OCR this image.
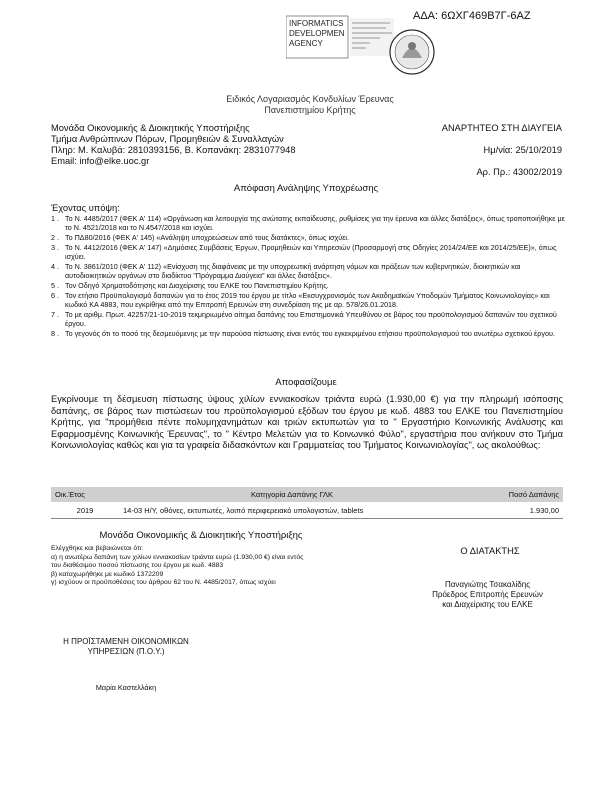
ΑΔΑ: 6ΩΧΓ469Β7Γ-6ΑΖ
INFORMATICS
DEVELOPMEN
AGENCY
Ειδικός Λογαριασμός Κονδυλίων Έρευνας
Πανεπιστημίου Κρήτης
Μονάδα Οικονομικής & Διοικητικής Υποστήριξης
Τμήμα Ανθρώπινων Πόρων, Προμηθειών & Συναλλαγών
Πληρ: Μ. Καλυβά: 2810393156, Β. Κοπανάκη: 2831077948
Email: info@elke.uoc.gr
ΑΝΑΡΤΗΤΕΟ ΣΤΗ ΔΙΑΥΓΕΙΑ
Ημ/νία: 25/10/2019
Αρ. Πρ.: 43002/2019
Απόφαση Ανάληψης Υποχρέωσης
Έχοντας υπόψη:
1 . Το Ν. 4485/2017 (ΦΕΚ Α' 114) «Οργάνωση και λειτουργία της ανώτατης εκπαίδευσης, ρυθμίσεις για την έρευνα και άλλες διατάξεις», όπως τροποποιήθηκε με το Ν. 4521/2018 και το Ν.4547/2018 και ισχύει.
2 . Το ΠΔ80/2016 (ΦΕΚ Α' 145) «Ανάληψη υποχρεώσεων από τους διατάκτες», όπως ισχύει.
3 . Το Ν. 4412/2016 (ΦΕΚ Α' 147) «Δημόσιες Συμβάσεις Έργων, Προμηθειών και Υπηρεσιών (Προσαρμογή στις Οδηγίες 2014/24/ΕΕ και 2014/25/ΕΕ)», όπως ισχύει.
4 . Το Ν. 3861/2010 (ΦΕΚ Α' 112) «Ενίσχυση της διαφάνειας με την υποχρεωτική ανάρτηση νόμων και πράξεων των κυβερνητικών, διοικητικών και αυτοδιοικητικών οργάνων στο διαδίκτυο "Πρόγραμμα Διαύγεια" και άλλες διατάξεις».
5 . Τον Οδηγό Χρηματοδότησης και Διαχείρισης του ΕΛΚΕ του Πανεπιστημίου Κρήτης.
6 . Τον ετήσιο Προϋπολογισμό δαπανών για το έτος 2019 του έργου με τίτλο «Εκσυγχρονισμός των Ακαδημαϊκών Υποδομών Τμήματος Κοινωνιολογίας» και κωδικό ΚΑ 4883, που εγκρίθηκε από την Επιτροπή Ερευνών στη συνεδρίαση της με αρ. 578/26.01.2018.
7 . Το με αριθμ. Πρωτ. 42257/21-10-2019 τεκμηριωμένο αίτημα δαπάνης του Επιστημονικά Υπευθύνου σε βάρος του προϋπολογισμού δαπανών του σχετικού έργου.
8 . Το γεγονός ότι το ποσό της δεσμευόμενης με την παρούσα πίστωσης είναι εντός του εγκεκριμένου ετήσιου προϋπολογισμού του ανωτέρω σχετικού έργου.
Αποφασίζουμε
Εγκρίνουμε τη δέσμευση πίστωσης ύψους χιλίων εννιακοσίων τριάντα ευρώ (1.930,00 €) για την πληρωμή ισόποσης δαπάνης, σε βάρος των πιστώσεων του προϋπολογισμού εξόδων του έργου με κωδ. 4883 του ΕΛΚΕ του Πανεπιστημίου Κρήτης, για "προμήθεια πέντε πολυμηχανημάτων και τριών εκτυπωτών για το " Εργαστήριο Κοινωνικής Ανάλυσης και Εφαρμοσμένης Κοινωνικής Έρευνας", το " Κέντρο Μελετών για το Κοινωνικό Φύλο", εργαστήρια που ανήκουν στο Τμήμα Κοινωνιολογίας καθώς και για τα γραφεία διδασκόντων και Γραμματείας του Τμήματος Κοινωνιολογίας", ως ακολούθως:
Οικ.Έτος	Κατηγορία Δαπάνης ΓΛΚ	Ποσό Δαπάνης
2019	14-03 Η/Υ, οθόνες, εκτυπωτές, λοιπό περιφερειακό υπολογιστών, tablets	1.930,00
Μονάδα Οικονομικής & Διοικητικής Υποστήριξης
Ελέγχθηκε και βεβαιώνεται ότι:
α) η ανωτέρω δαπάνη των χιλίων εννιακοσίων τριάντα ευρώ (1.930,00 €) είναι εντός
του διαθέσιμου ποσού πίστωσης του έργου με κωδ. 4883
β) καταχωρήθηκε με κωδικό 1372209
γ) ισχύουν οι προϋποθέσεις του άρθρου 62 του Ν. 4485/2017, όπως ισχύει
Ο ΔΙΑΤΑΚΤΗΣ
Παναγιώτης Τσακαλίδης
Πρόεδρος Επιτροπής Ερευνών
και Διαχείρισης του ΕΛΚΕ
Η ΠΡΟΪΣΤΑΜΕΝΗ ΟΙΚΟΝΟΜΙΚΩΝ
ΥΠΗΡΕΣΙΩΝ (Π.Ο.Υ.)
Μαρία Καστελλάκη
